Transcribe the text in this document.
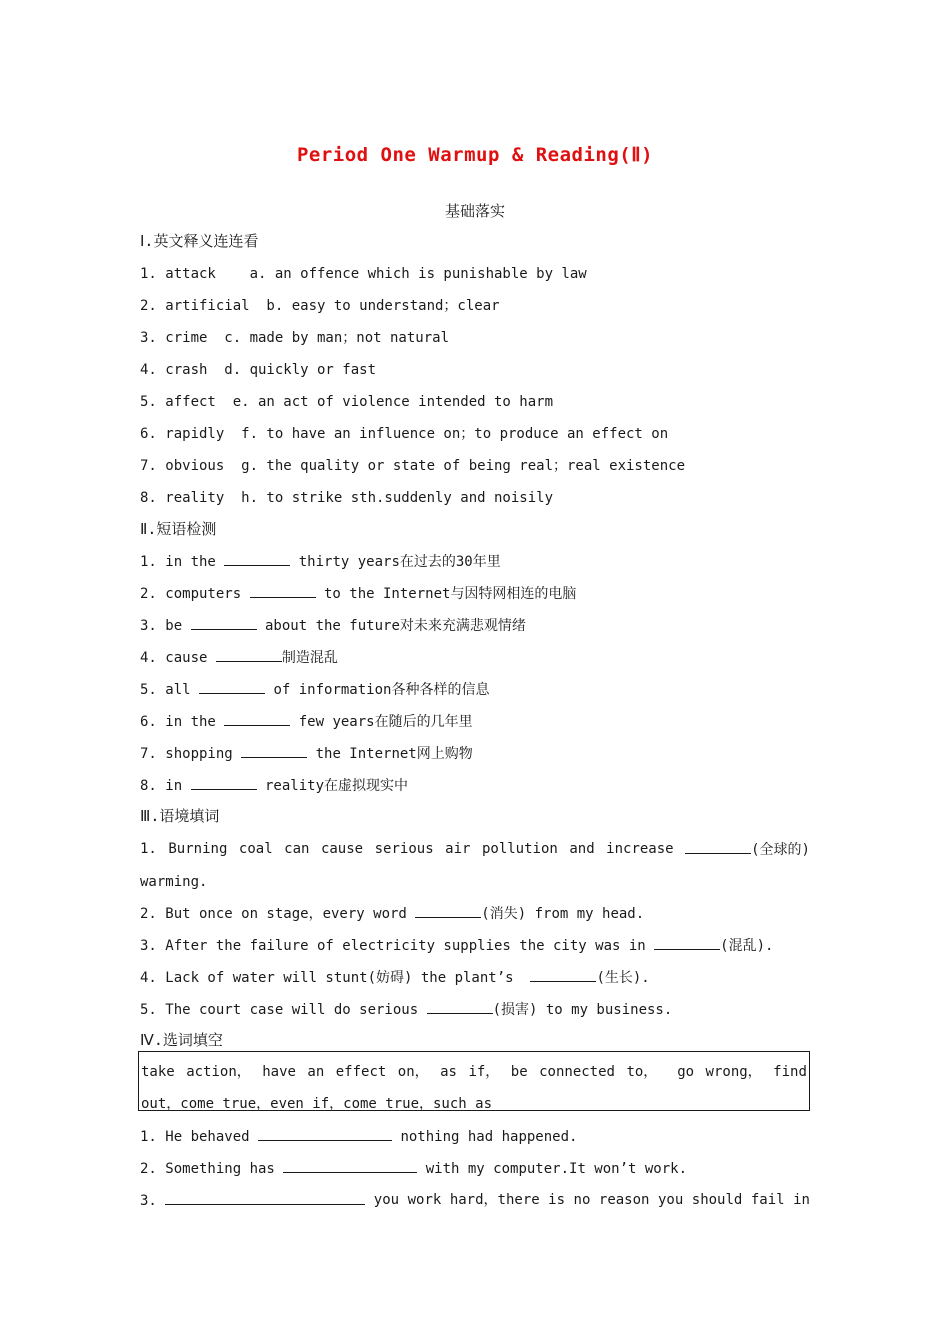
Period One Warmup & Reading(Ⅱ)
基础落实
Ⅰ.英文释义连连看
1. attack    a. an offence which is punishable by law
2. artificial  b. easy to understand；clear
3. crime  c. made by man；not natural
4. crash  d. quickly or fast
5. affect  e. an act of violence intended to harm
6. rapidly  f. to have an influence on；to produce an effect on
7. obvious  g. the quality or state of being real；real existence
8. reality  h. to strike sth.suddenly and noisily
Ⅱ.短语检测
1. in the	thirty years在过去的30年里
2. computers	to the Internet与因特网相连的电脑
3. be	about the future对未来充满悲观情绪
4. cause	制造混乱
5. all	of information各种各样的信息
6. in the	few years在随后的几年里
7. shopping	the Internet网上购物
8. in	reality在虚拟现实中
Ⅲ.语境填词
1. Burning coal can cause serious air pollution and increase	(全球的)
warming.
2. But once on stage，every word	(消失) from my head.
3. After the failure of electricity supplies the city was in	(混乱).
4. Lack of water will stunt(妨碍) the plant’s	(生长).
5. The court case will do serious	(损害) to my business.
Ⅳ.选词填空
take action， have an effect on， as if， be connected to， go wrong， find
out，come true，even if，come true，such as
1. He behaved	nothing had happened.
2. Something has	with my computer.It won’t work.
3.	you work hard，there is no reason you should fail in
